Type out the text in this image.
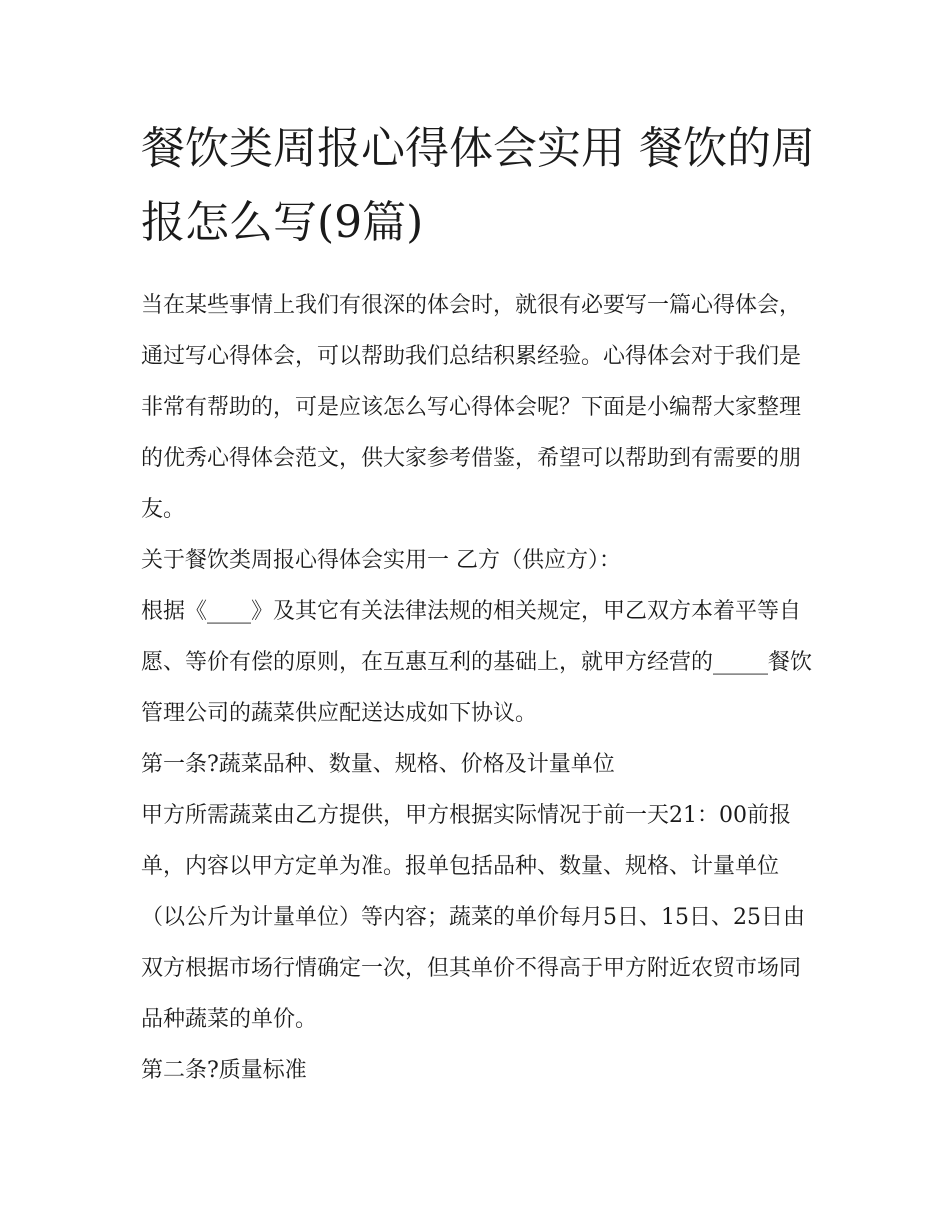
餐饮类周报心得体会实用 餐饮的周报怎么写(9篇)

当在某些事情上我们有很深的体会时，就很有必要写一篇心得体会，通过写心得体会，可以帮助我们总结积累经验。心得体会对于我们是非常有帮助的，可是应该怎么写心得体会呢？下面是小编帮大家整理的优秀心得体会范文，供大家参考借鉴，希望可以帮助到有需要的朋友。

关于餐饮类周报心得体会实用一 乙方（供应方）：

根据《____》及其它有关法律法规的相关规定，甲乙双方本着平等自愿、等价有偿的原则，在互惠互利的基础上，就甲方经营的_____餐饮管理公司的蔬菜供应配送达成如下协议。

第一条?蔬菜品种、数量、规格、价格及计量单位

甲方所需蔬菜由乙方提供，甲方根据实际情况于前一天21：00前报单，内容以甲方定单为准。报单包括品种、数量、规格、计量单位（以公斤为计量单位）等内容；蔬菜的单价每月5日、15日、25日由双方根据市场行情确定一次，但其单价不得高于甲方附近农贸市场同品种蔬菜的单价。

第二条?质量标准
